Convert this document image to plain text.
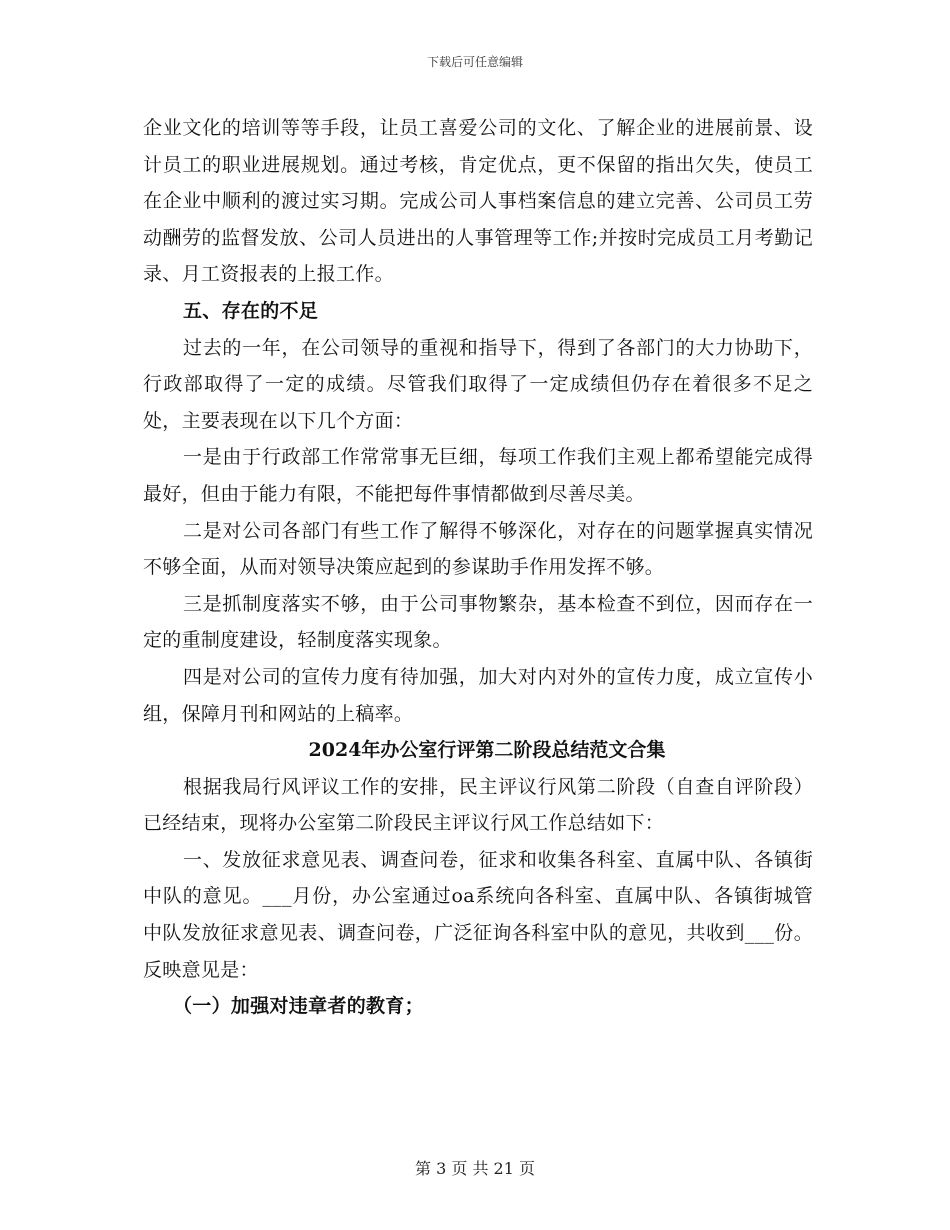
下载后可任意编辑

企业文化的培训等等手段，让员工喜爱公司的文化、了解企业的进展前景、设计员工的职业进展规划。通过考核，肯定优点，更不保留的指出欠失，使员工在企业中顺利的渡过实习期。完成公司人事档案信息的建立完善、公司员工劳动酬劳的监督发放、公司人员进出的人事管理等工作;并按时完成员工月考勤记录、月工资报表的上报工作。

五、存在的不足

过去的一年，在公司领导的重视和指导下，得到了各部门的大力协助下，行政部取得了一定的成绩。尽管我们取得了一定成绩但仍存在着很多不足之处，主要表现在以下几个方面：

一是由于行政部工作常常事无巨细，每项工作我们主观上都希望能完成得最好，但由于能力有限，不能把每件事情都做到尽善尽美。

二是对公司各部门有些工作了解得不够深化，对存在的问题掌握真实情况不够全面，从而对领导决策应起到的参谋助手作用发挥不够。

三是抓制度落实不够，由于公司事物繁杂，基本检查不到位，因而存在一定的重制度建设，轻制度落实现象。

四是对公司的宣传力度有待加强，加大对内对外的宣传力度，成立宣传小组，保障月刊和网站的上稿率。

2024年办公室行评第二阶段总结范文合集

根据我局行风评议工作的安排，民主评议行风第二阶段（自查自评阶段）已经结束，现将办公室第二阶段民主评议行风工作总结如下：

一、发放征求意见表、调查问卷，征求和收集各科室、直属中队、各镇街中队的意见。___月份，办公室通过oa系统向各科室、直属中队、各镇街城管中队发放征求意见表、调查问卷，广泛征询各科室中队的意见，共收到___份。反映意见是：

（一）加强对违章者的教育；

第 3 页 共 21 页
